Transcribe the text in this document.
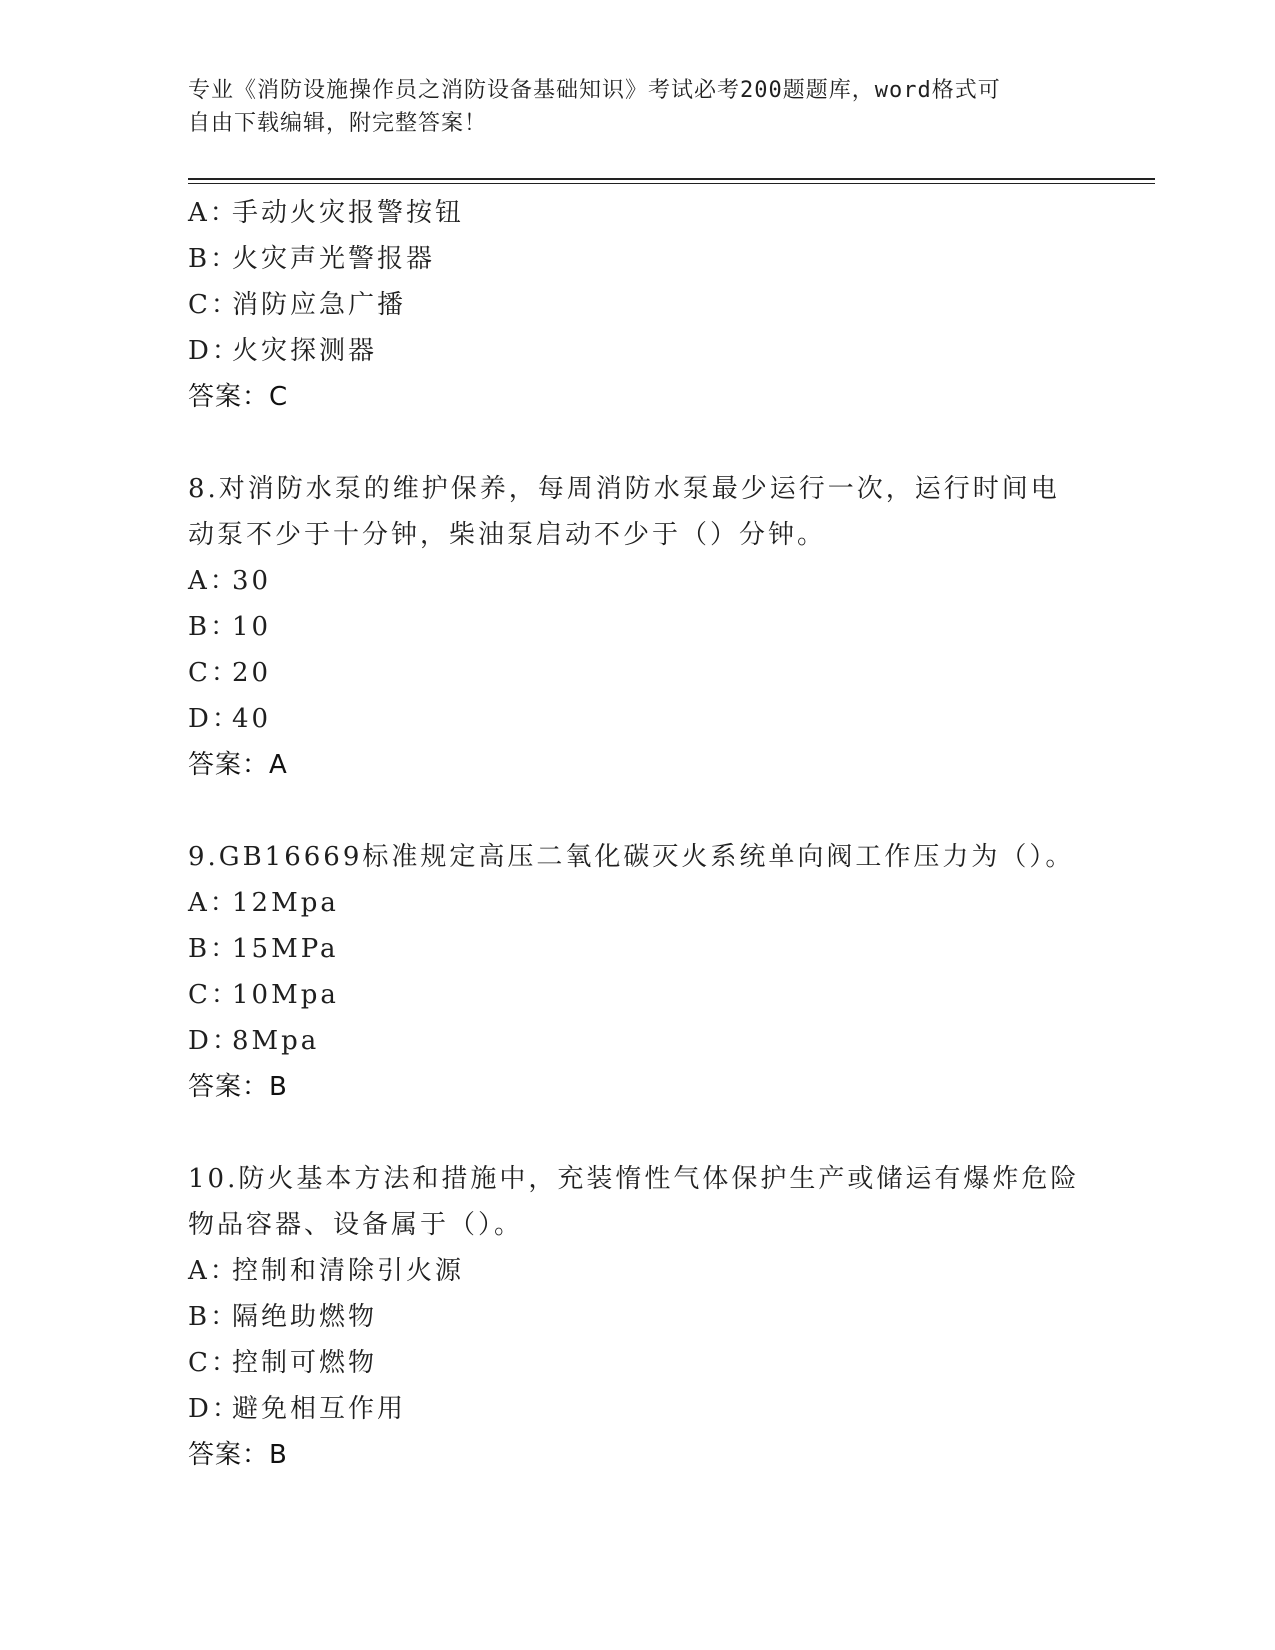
专业《消防设施操作员之消防设备基础知识》考试必考200题题库，word格式可
自由下载编辑，附完整答案！
A：手动火灾报警按钮
B：火灾声光警报器
C：消防应急广播
D：火灾探测器
答案：C
8.对消防水泵的维护保养，每周消防水泵最少运行一次，运行时间电动泵不少于十分钟，柴油泵启动不少于（）分钟。
A：30
B：10
C：20
D：40
答案：A
9.GB16669标准规定高压二氧化碳灭火系统单向阀工作压力为（）。
A：12Mpa
B：15MPa
C：10Mpa
D：8Mpa
答案：B
10.防火基本方法和措施中，充装惰性气体保护生产或储运有爆炸危险物品容器、设备属于（）。
A：控制和清除引火源
B：隔绝助燃物
C：控制可燃物
D：避免相互作用
答案：B
